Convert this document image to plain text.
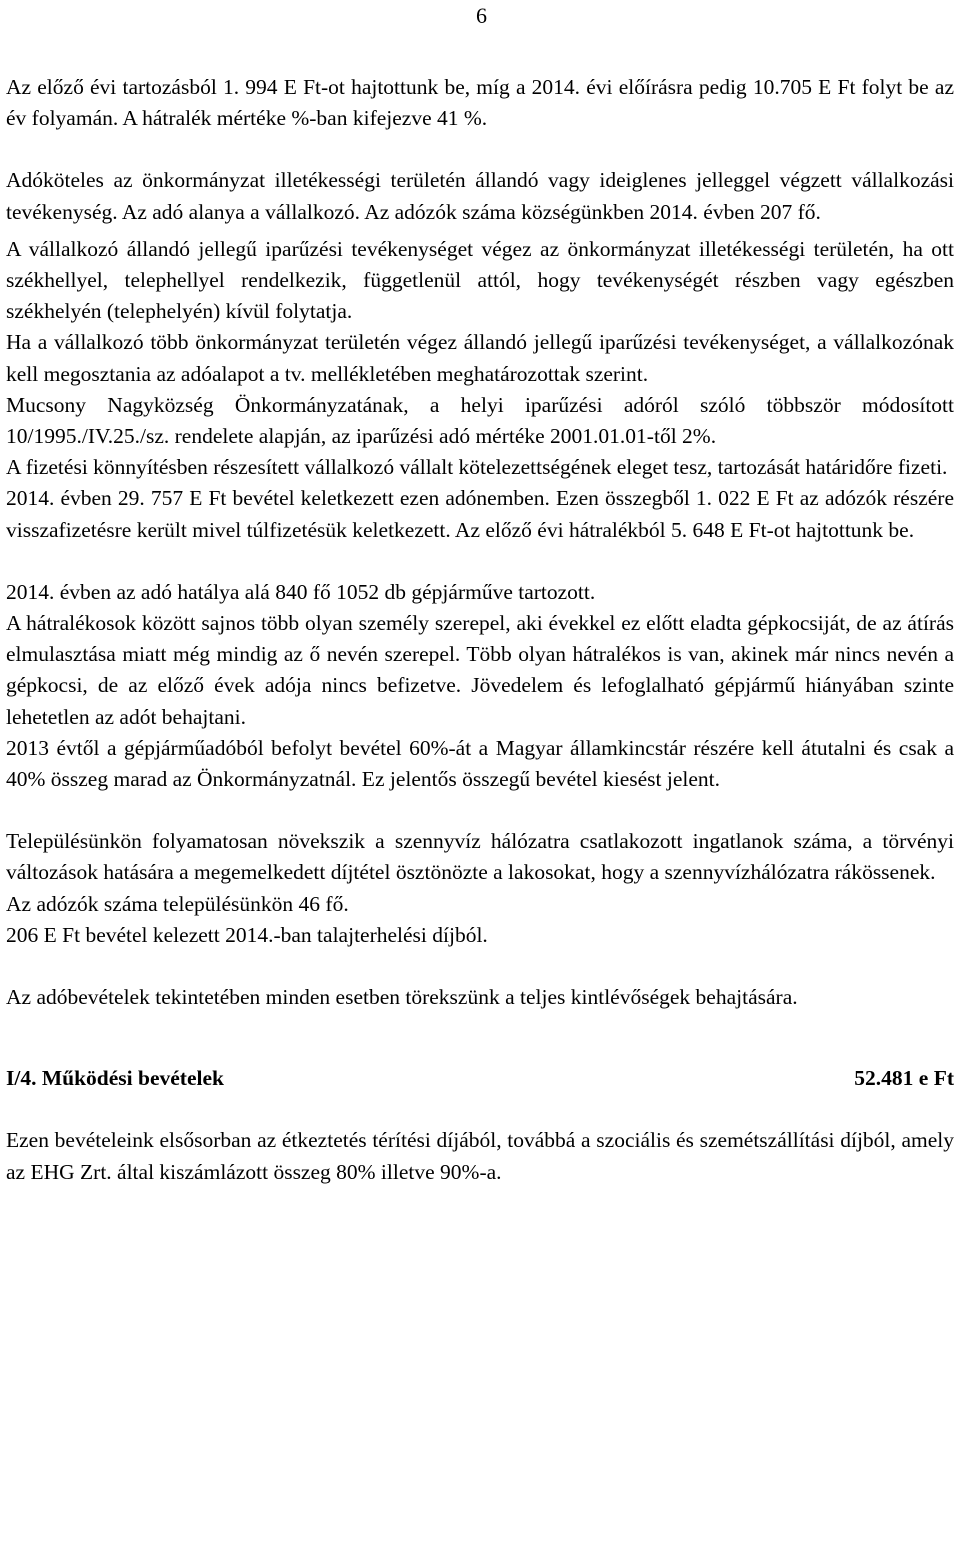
6

Az előző évi tartozásból 1. 994 E Ft-ot hajtottunk be, míg a 2014. évi előírásra pedig 10.705 E Ft folyt be az év folyamán. A hátralék mértéke %-ban kifejezve 41 %.

Adóköteles az önkormányzat illetékességi területén állandó vagy ideiglenes jelleggel végzett vállalkozási tevékenység. Az adó alanya a vállalkozó. Az adózók száma községünkben 2014. évben 207 fő.

A vállalkozó állandó jellegű iparűzési tevékenységet végez az önkormányzat illetékességi területén, ha ott székhellyel, telephellyel rendelkezik, függetlenül attól, hogy tevékenységét részben vagy egészben székhelyén (telephelyén) kívül folytatja.

Ha a vállalkozó több önkormányzat területén végez állandó jellegű iparűzési tevékenységet, a vállalkozónak kell megosztania az adóalapot a tv. mellékletében meghatározottak szerint.

Mucsony Nagyközség Önkormányzatának, a helyi iparűzési adóról szóló többször módosított 10/1995./IV.25./sz. rendelete alapján, az iparűzési adó mértéke 2001.01.01-től 2%.

A fizetési könnyítésben részesített vállalkozó vállalt kötelezettségének eleget tesz, tartozását határidőre fizeti.

2014. évben 29. 757 E Ft bevétel keletkezett ezen adónemben. Ezen összegből 1. 022 E Ft az adózók részére visszafizetésre került mivel túlfizetésük keletkezett. Az előző évi hátralékból 5. 648 E Ft-ot hajtottunk be.

2014. évben az adó hatálya alá 840 fő 1052 db gépjárműve tartozott.

A hátralékosok között sajnos több olyan személy szerepel, aki évekkel ez előtt eladta gépkocsiját, de az átírás elmulasztása miatt még mindig az ő nevén szerepel. Több olyan hátralékos is van, akinek már nincs nevén a gépkocsi, de az előző évek adója nincs befizetve. Jövedelem és lefoglalható gépjármű hiányában szinte lehetetlen az adót behajtani.

2013 évtől a gépjárműadóból befolyt bevétel 60%-át a Magyar államkincstár részére kell átutalni és csak a 40% összeg marad az Önkormányzatnál. Ez jelentős összegű bevétel kiesést jelent.

Településünkön folyamatosan növekszik a szennyvíz hálózatra csatlakozott ingatlanok száma, a törvényi változások hatására a megemelkedett díjtétel ösztönözte a lakosokat, hogy a szennyvízhálózatra rákössenek.

Az adózók száma településünkön 46 fő.

206 E Ft bevétel kelezett 2014.-ban talajterhelési díjból.

Az adóbevételek tekintetében minden esetben törekszünk a teljes kintlévőségek behajtására.

I/4. Működési bevételek	52.481 e Ft

Ezen bevételeink elsősorban az étkeztetés térítési díjából, továbbá a szociális és szemétszállítási díjból, amely az EHG Zrt. által kiszámlázott összeg 80% illetve 90%-a.
